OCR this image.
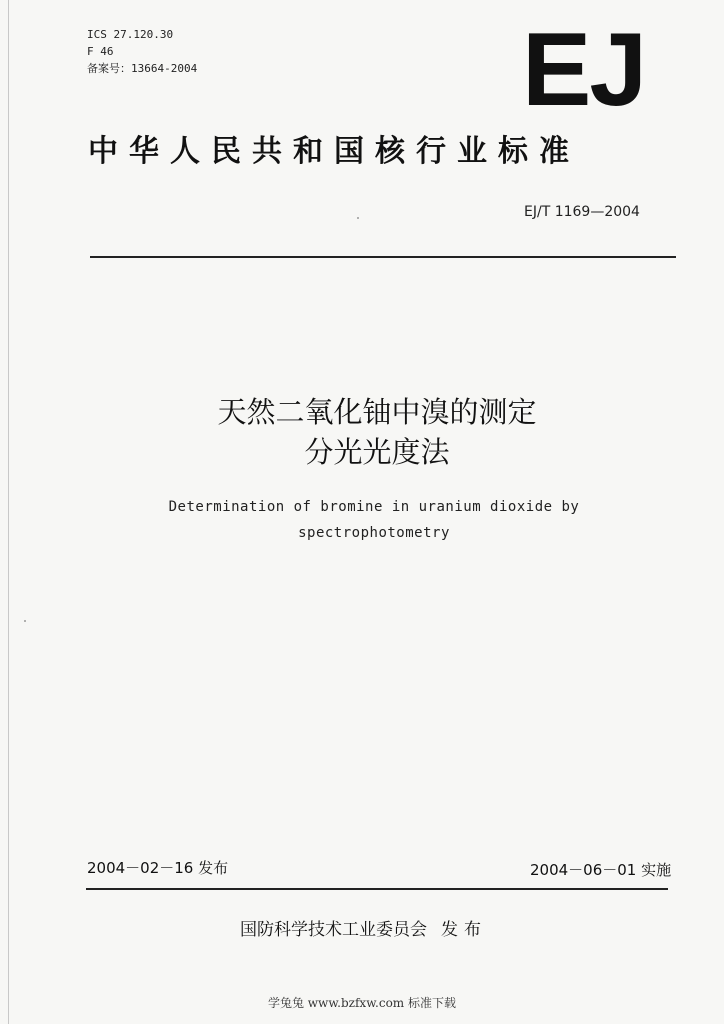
ICS 27.120.30
F 46
备案号：13664-2004	EJ
中华人民共和国核行业标准
EJ/T 1169—2004
天然二氧化铀中溴的测定
分光光度法
Determination of bromine in uranium dioxide by
spectrophotometry
2004－02－16 发布	2004－06－01 实施
国防科学技术工业委员会 发布
学兔兔 www.bzfxw.com 标准下载
